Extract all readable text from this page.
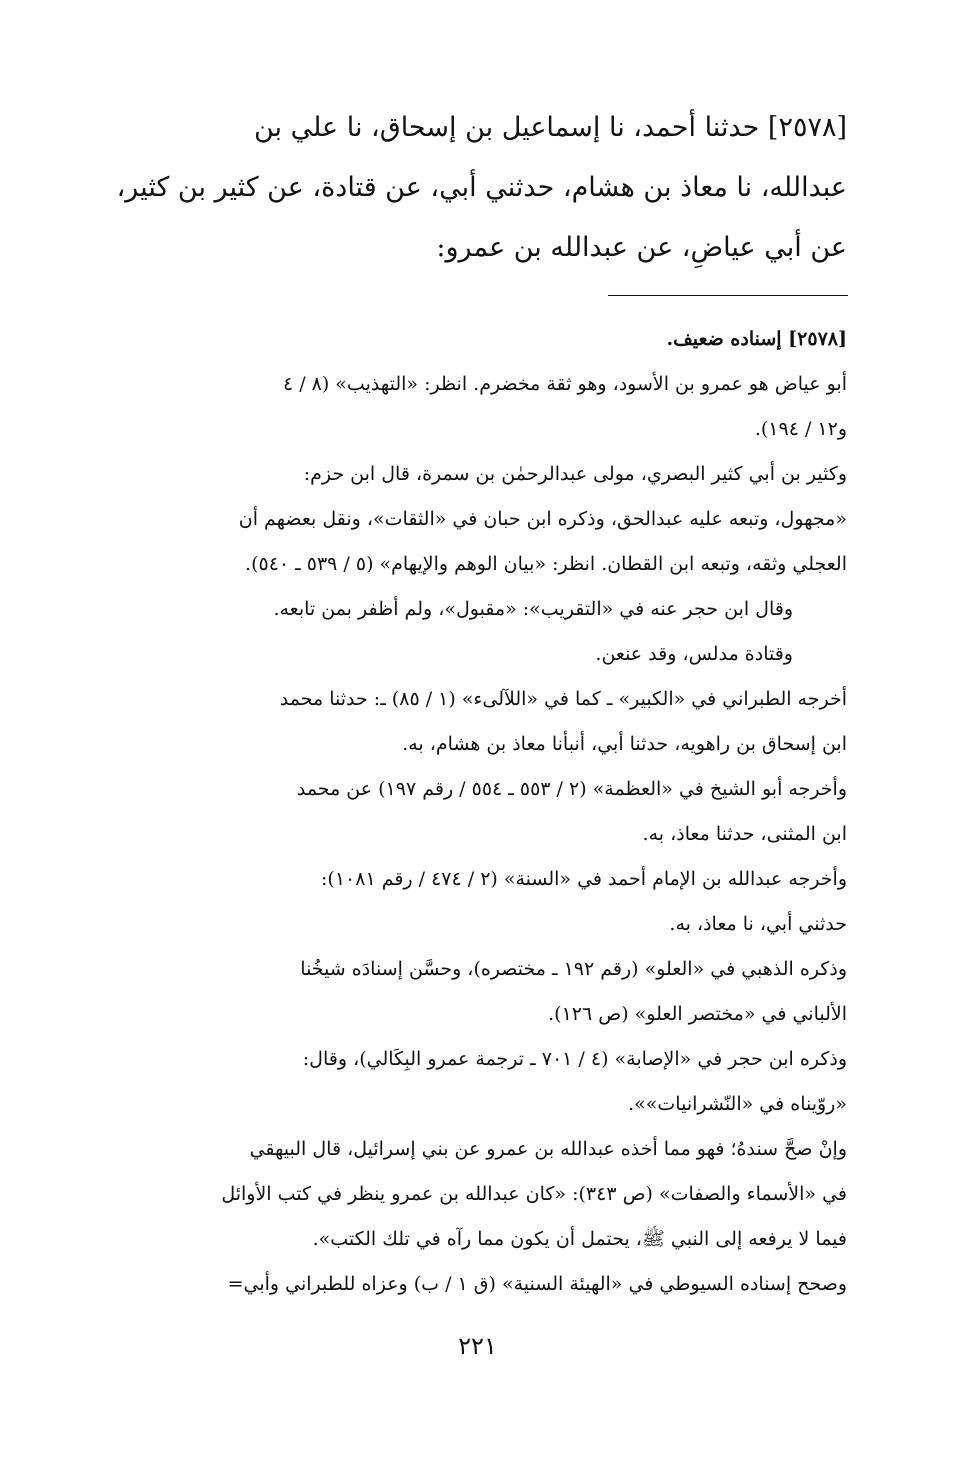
[٢٥٧٨] حدثنا أحمد، نا إسماعيل بن إسحاق، نا علي بن
عبدالله، نا معاذ بن هشام، حدثني أبي، عن قتادة، عن كثير بن كثير،
عن أبي عياضٍ، عن عبدالله بن عمرو:
[٢٥٧٨] إسناده ضعيف.
أبو عياض هو عمرو بن الأسود، وهو ثقة مخضرم. انظر: «التهذيب» (٨ / ٤
و١٢ / ١٩٤).
وكثير بن أبي كثير البصري، مولى عبدالرحمٰن بن سمرة، قال ابن حزم:
«مجهول، وتبعه عليه عبدالحق، وذكره ابن حبان في «الثقات»، ونقل بعضهم أن
العجلي وثقه، وتبعه ابن القطان. انظر: «بيان الوهم والإيهام» (٥ / ٥٣٩ ـ ٥٤٠).
وقال ابن حجر عنه في «التقريب»: «مقبول»، ولم أظفر بمن تابعه.
وقتادة مدلس، وقد عنعن.
أخرجه الطبراني في «الكبير» ـ كما في «اللآلىء» (١ / ٨٥) ـ: حدثنا محمد
ابن إسحاق بن راهويه، حدثنا أبي، أنبأنا معاذ بن هشام، به.
وأخرجه أبو الشيخ في «العظمة» (٢ / ٥٥٣ ـ ٥٥٤ / رقم ١٩٧) عن محمد
ابن المثنى، حدثنا معاذ، به.
وأخرجه عبدالله بن الإمام أحمد في «السنة» (٢ / ٤٧٤ / رقم ١٠٨١):
حدثني أبي، نا معاذ، به.
وذكره الذهبي في «العلو» (رقم ١٩٢ ـ مختصره)، وحسَّن إسنادَه شيخُنا
الألباني في «مختصر العلو» (ص ١٢٦).
وذكره ابن حجر في «الإصابة» (٤ / ٧٠١ ـ ترجمة عمرو البِكَالي)، وقال:
«روّيناه في «النّشرانيات»».
وإنْ صحَّ سندهُ؛ فهو مما أخذه عبدالله بن عمرو عن بني إسرائيل، قال البيهقي
في «الأسماء والصفات» (ص ٣٤٣): «كان عبدالله بن عمرو ينظر في كتب الأوائل
فيما لا يرفعه إلى النبي ﷺ، يحتمل أن يكون مما رآه في تلك الكتب».
وصحح إسناده السيوطي في «الهيئة السنية» (ق ١ / ب) وعزاه للطبراني وأبي=
٢٢١
